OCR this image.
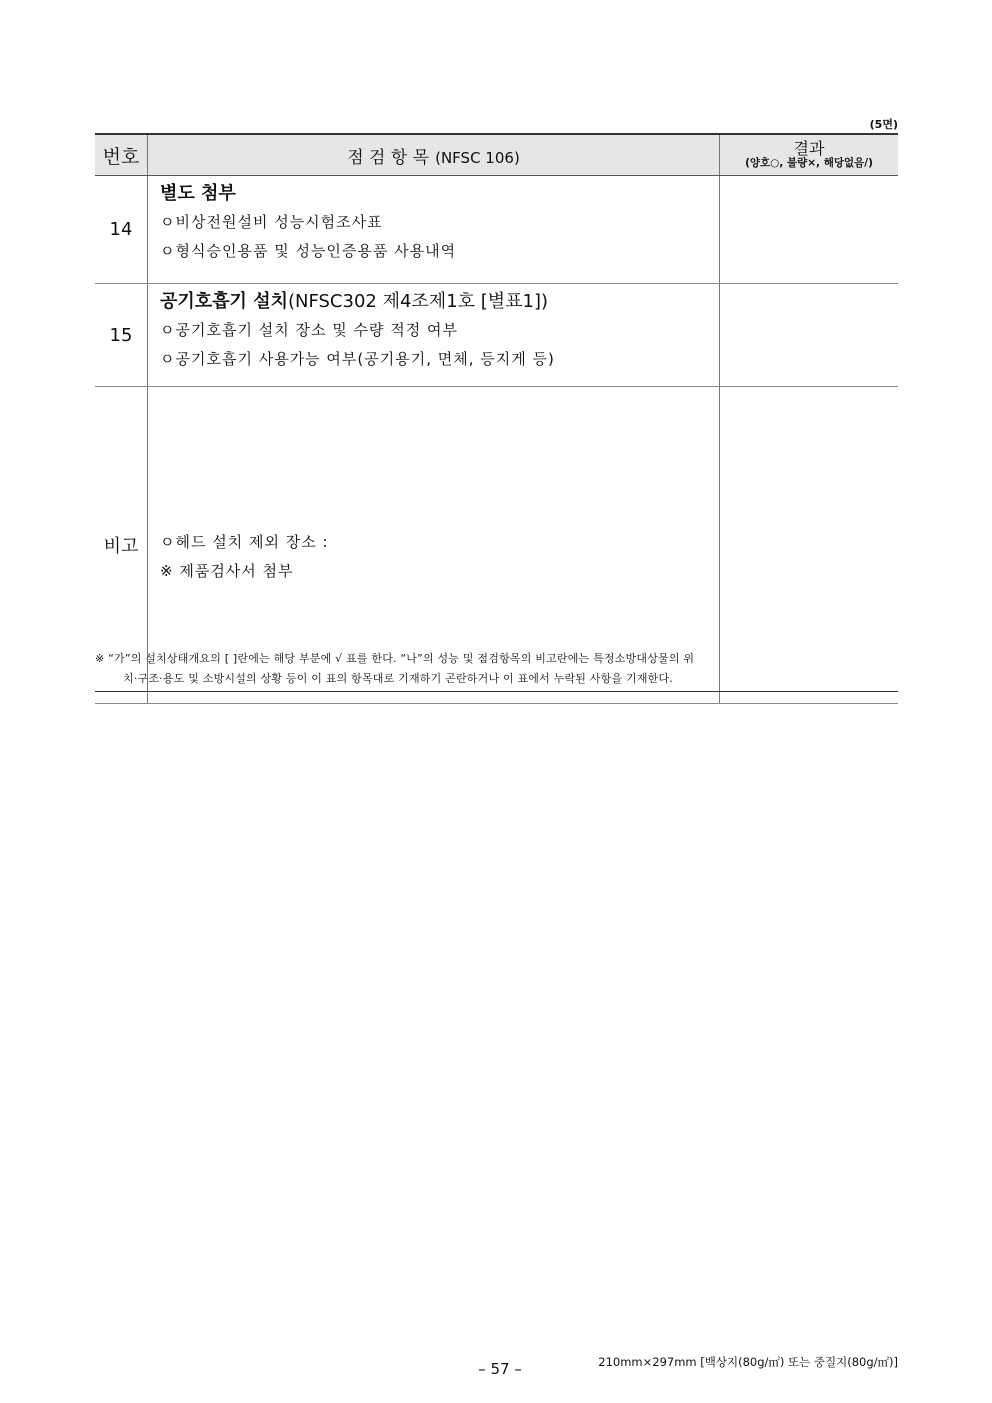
(5면)
번호	점 검 항 목 (NFSC 106)	결과
(양호○, 불량×, 해당없음/)

14	별도 첨부
ㅇ비상전원설비 성능시험조사표
ㅇ형식승인용품 및 성능인증용품 사용내역	

15	공기호흡기 설치(NFSC302 제4조제1호 [별표1])
ㅇ공기호흡기 설치 장소 및 수량 적정 여부
ㅇ공기호흡기 사용가능 여부(공기용기, 면체, 등지게 등)	

비고	ㅇ헤드 설치 제외 장소 :
※ 제품검사서 첨부	

※ “가”의 설치상태개요의 [ ]란에는 해당 부분에 √ 표를 한다. “나”의 성능 및 점검항목의 비고란에는 특정소방대상물의 위
치·구조·용도 및 소방시설의 상황 등이 이 표의 항목대로 기재하기 곤란하거나 이 표에서 누락된 사항을 기재한다.
– 57 –	210mm×297mm [백상지(80g/㎡) 또는 중질지(80g/㎡)]
